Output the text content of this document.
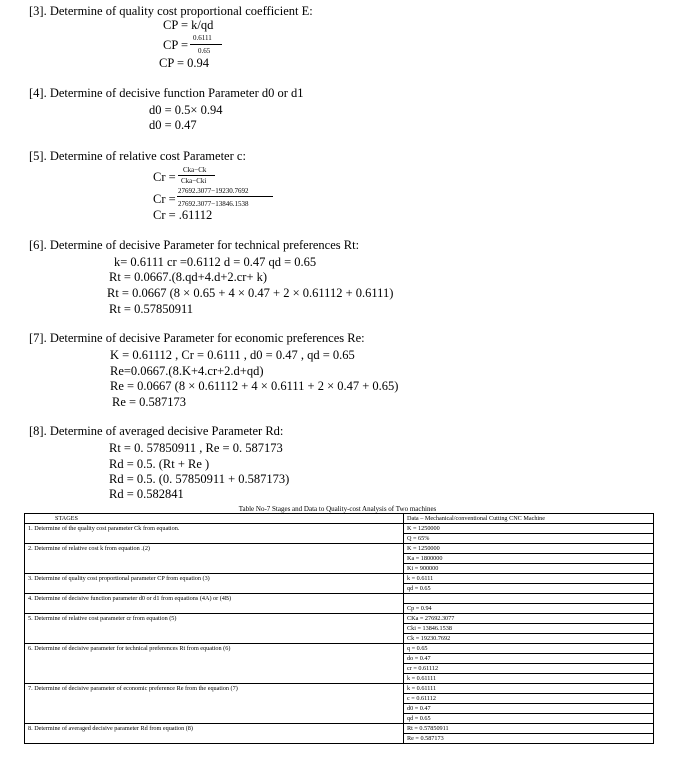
[3]. Determine of quality cost proportional coefficient E:
CP = k/qd
CP = 0.6111
0.65
CP = 0.94
[4]. Determine of decisive function Parameter d0 or d1
d0 = 0.5× 0.94
d0 = 0.47
[5]. Determine of relative cost Parameter c:
Cr = Cka−Ck
Cka−Cki
Cr =
27692.3077−19230.7692
27692.3077−13846.1538
Cr = .61112
[6]. Determine of decisive Parameter for technical preferences Rt:
k= 0.6111 cr =0.6112 d = 0.47 qd = 0.65
Rt = 0.0667.(8.qd+4.d+2.cr+ k)
Rt = 0.0667 (8 × 0.65 + 4 × 0.47 + 2 × 0.61112 + 0.6111)
Rt = 0.57850911
[7]. Determine of decisive Parameter for economic preferences Re:
K = 0.61112 , Cr = 0.6111 , d0 = 0.47 , qd = 0.65
Re=0.0667.(8.K+4.cr+2.d+qd)
Re = 0.0667 (8 × 0.61112 + 4 × 0.6111 + 2 × 0.47 + 0.65)
Re = 0.587173
[8]. Determine of averaged decisive Parameter Rd:
Rt = 0. 57850911 , Re = 0. 587173
Rd = 0.5. (Rt + Re )
Rd = 0.5. (0. 57850911 + 0.587173)
Rd = 0.582841
Table No-7 Stages and Data to Quality-cost Analysis of Two machines
STAGES	Data – Mechanical/conventional Cutting CNC Machine
1. Determine of the quality cost parameter Ck from equation.	K = 1250000
Q = 65%

2. Determine of relative cost k from equation .(2)	K = 1250000
Ka = 1800000
Ki = 900000

3. Determine of quality cost proportional parameter CP from equation (3)	k = 0.6111
qd = 0.65

4. Determine of decisive function parameter d0 or d1 from equations (4A) or (4B)	Cp = 0.94

5. Determine of relative cost parameter cr from equation (5)	CKa = 27692.3077
Cki = 13846.1538
Ck = 19230.7692

6. Determine of decisive parameter for technical preferences Rt from equation (6)	q = 0.65
do = 0.47
cr = 0.61112
k = 0.61111

7. Determine of decisive parameter of economic preference Re from the equation (7)	k = 0.61111
c = 0.61112
d0 = 0.47
qd = 0.65

8. Determine of averaged decisive parameter Rd from equation (8)	Rt = 0.57850911
Re = 0.587173
